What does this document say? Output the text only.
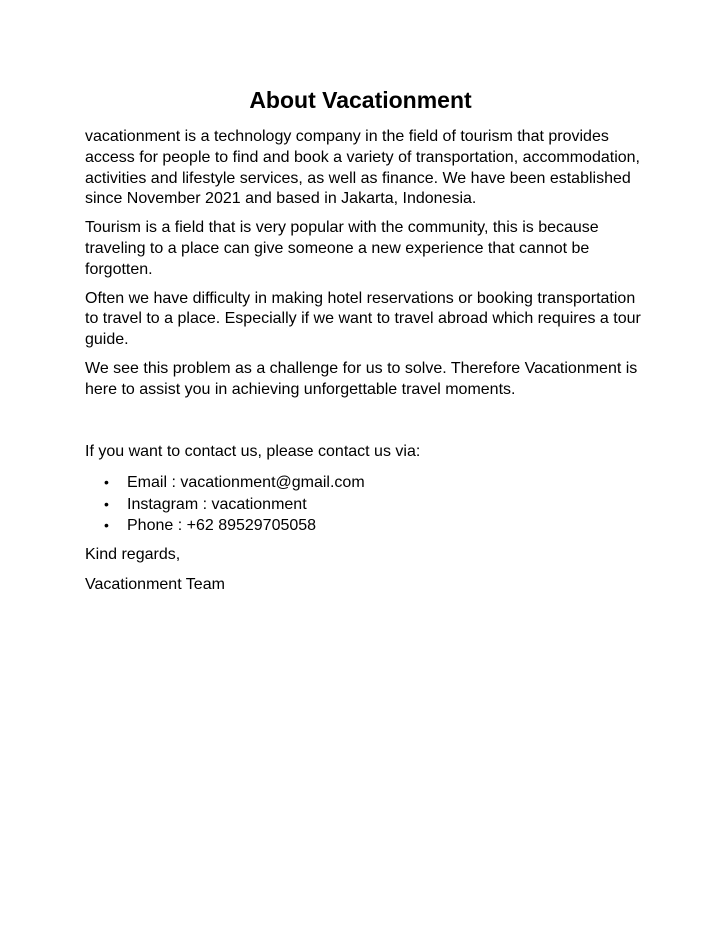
About Vacationment

vacationment is a technology company in the field of tourism that provides access for people to find and book a variety of transportation, accommodation, activities and lifestyle services, as well as finance. We have been established since November 2021 and based in Jakarta, Indonesia.

Tourism is a field that is very popular with the community, this is because traveling to a place can give someone a new experience that cannot be forgotten.

Often we have difficulty in making hotel reservations or booking transportation to travel to a place. Especially if we want to travel abroad which requires a tour guide.

We see this problem as a challenge for us to solve. Therefore Vacationment is here to assist you in achieving unforgettable travel moments.

If you want to contact us, please contact us via:

• Email : vacationment@gmail.com
• Instagram : vacationment
• Phone : +62 89529705058

Kind regards,

Vacationment Team
